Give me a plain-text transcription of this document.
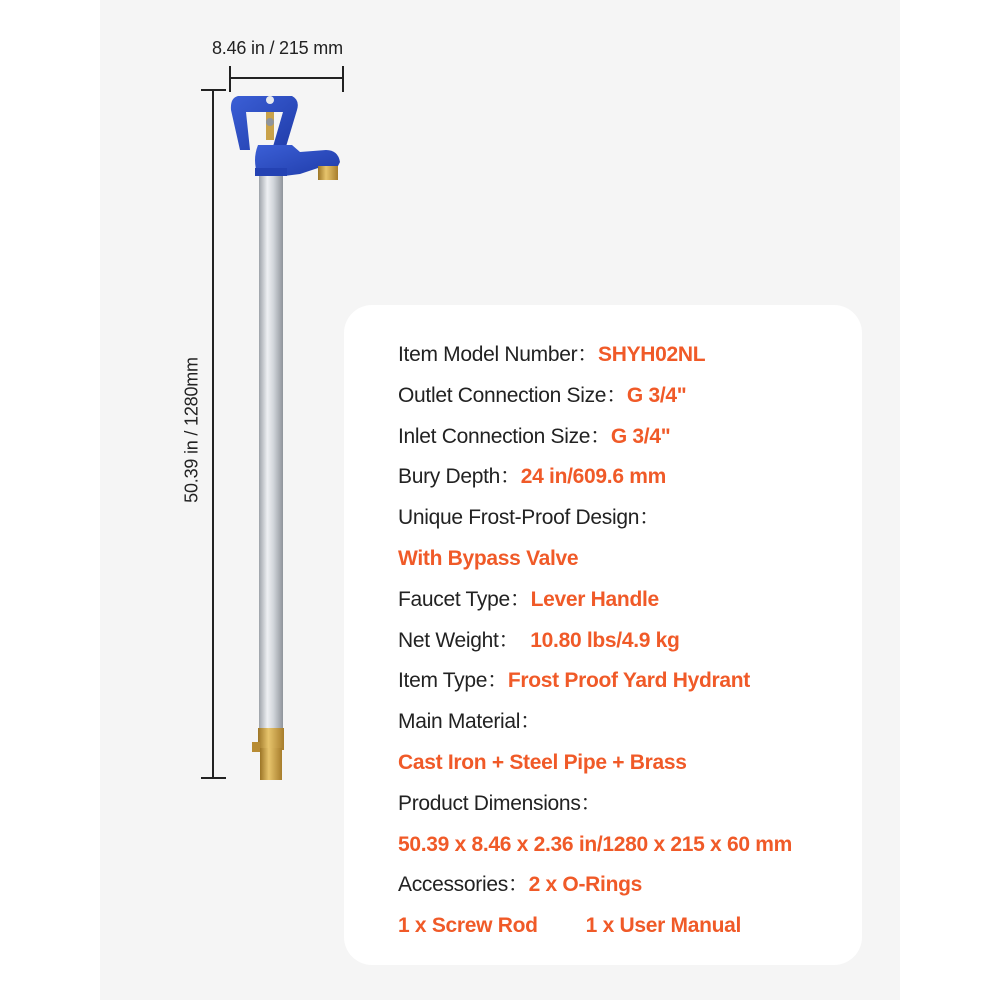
8.46 in / 215 mm
50.39 in / 1280mm
Item Model Number：SHYH02NL
Outlet Connection Size：G 3/4"
Inlet Connection Size：G 3/4"
Bury Depth：24 in/609.6 mm
Unique Frost-Proof Design：
With Bypass Valve
Faucet Type：Lever Handle
Net Weight： 10.80 lbs/4.9 kg
Item Type：Frost Proof Yard Hydrant
Main Material：
Cast Iron + Steel Pipe + Brass
Product Dimensions：
50.39 x 8.46 x 2.36 in/1280 x 215 x 60 mm
Accessories：2 x O-Rings
1 x Screw Rod 1 x User Manual
